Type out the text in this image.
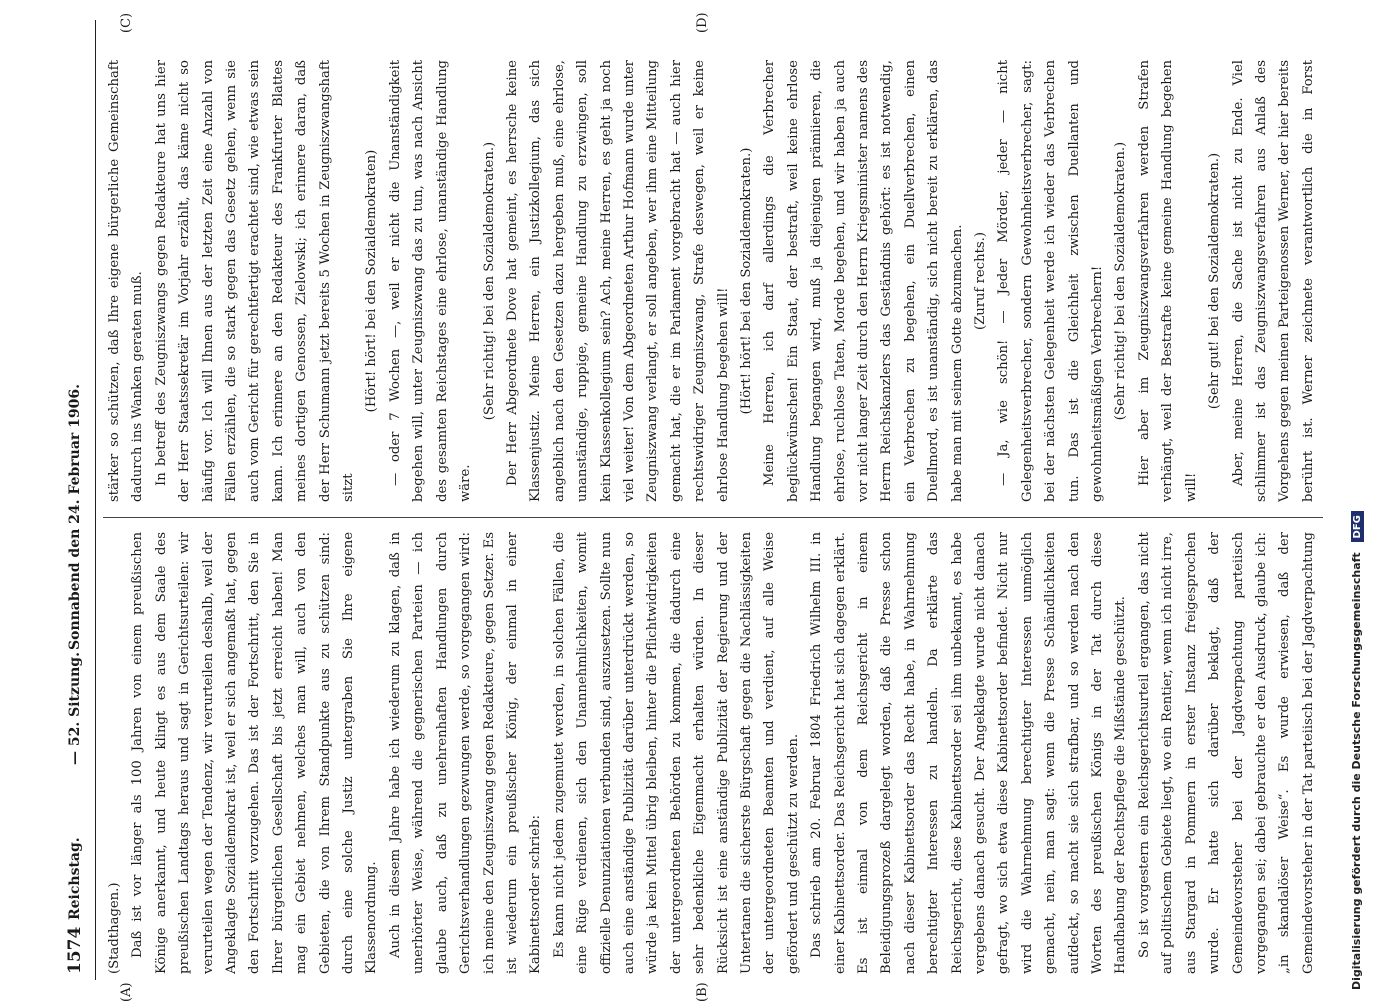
1574
Reichstag.
— 52. Sitzung.
Sonnabend den 24. Februar 1906.
(A)	(B)
(C)	(D)

(Stadthagen.) Daß ist vor länger als 100 Jahren von einem preußischen Könige anerkannt, und heute klingt es aus dem Saale des preußischen Landtags heraus und sagt in Gerichtsurteilen: wir verurteilen wegen der Tendenz, wir verurteilen deshalb, weil der Angeklagte Sozialdemokrat ist, weil er sich angemaßt hat, gegen den Fortschritt vorzugehen. Das ist der Fortschritt, den Sie in Ihrer bürgerlichen Gesellschaft bis jetzt erreicht haben! Man mag ein Gebiet nehmen, welches man will, auch von den Gebieten, die von Ihrem Standpunkte aus zu schützen sind: durch eine solche Justiz untergraben Sie Ihre eigene Klassenordnung. Auch in diesem Jahre habe ich wiederum zu klagen, daß in unerhörter Weise, während die gegnerischen Parteien — ich glaube auch, daß zu unehrenhaften Handlungen durch Gerichtsverhandlungen gezwungen werde, so vorgegangen wird: ich meine den Zeugniszwang gegen Redakteure, gegen Setzer. Es ist wiederum ein preußischer König, der einmal in einer Kabinettsorder schrieb: Es kann nicht jedem zugemutet werden, in solchen Fällen, die eine Rüge verdienen, sich den Unannehmlichkeiten, womit offizielle Denunziationen verbunden sind, auszusetzen. Sollte nun auch eine anständige Publizität darüber unterdrückt werden, so würde ja kein Mittel übrig bleiben, hinter die Pflichtwidrigkeiten der untergeordneten Behörden zu kommen, die dadurch eine sehr bedenkliche Eigenmacht erhalten würden. In dieser Rücksicht ist eine anständige Publizität der Regierung und der Untertanen die sicherste Bürgschaft gegen die Nachlässigkeiten der untergeordneten Beamten und verdient, auf alle Weise gefördert und geschützt zu werden. Das schrieb am 20. Februar 1804 Friedrich Wilhelm III. in einer Kabinettsorder. Das Reichsgericht hat sich dagegen erklärt. Es ist einmal von dem Reichsgericht in einem Beleidigungsprozeß dargelegt worden, daß die Presse schon nach dieser Kabinettsorder das Recht habe, in Wahrnehmung berechtigter Interessen zu handeln. Da erklärte das Reichsgericht, diese Kabinettsorder sei ihm unbekannt, es habe vergebens danach gesucht. Der Angeklagte wurde nicht danach gefragt, wo sich etwa diese Kabinettsorder befindet. Nicht nur wird die Wahrnehmung berechtigter Interessen unmöglich gemacht, nein, man sagt: wenn die Presse Schändlichkeiten aufdeckt, so macht sie sich strafbar, und so werden nach den Worten des preußischen Königs in der Tat durch diese Handhabung der Rechtspflege die Mißstände geschützt. So ist vorgestern ein Reichsgerichtsurteil ergangen, das nicht auf politischem Gebiete liegt, wo ein Rentier, wenn ich nicht irre, aus Stargard in Pommern in erster Instanz freigesprochen wurde. Er hatte sich darüber beklagt, daß der Gemeindevorsteher bei der Jagdverpachtung parteiisch vorgegangen sei; dabei gebrauchte er den Ausdruck, glaube ich: „in skandalöser Weise“. Es wurde erwiesen, daß der Gemeindevorsteher in der Tat parteiisch bei der Jagdverpachtung

stärker so schützen, daß Ihre eigene bürgerliche Gemeinschaft dadurch ins Wanken geraten muß. In betreff des Zeugniszwangs gegen Redakteure hat uns hier der Herr Staatssekretär im Vorjahr erzählt, das käme nicht so häufig vor. Ich will Ihnen aus der letzten Zeit eine Anzahl von Fällen erzählen, die so stark gegen das Gesetz gehen, wenn sie auch vom Gericht für gerechtfertigt erachtet sind, wie etwas sein kann. Ich erinnere an den Redakteur des Frankfurter Blattes meines dortigen Genossen, Zielowski; ich erinnere daran, daß der Herr Schumann jetzt bereits 5 Wochen in Zeugniszwangshaft sitzt

(Hört! hört! bei den Sozialdemokraten) — oder 7 Wochen —, weil er nicht die Unanständigkeit begehen will, unter Zeugniszwang das zu tun, was nach Ansicht des gesamten Reichstages eine ehrlose, unanständige Handlung wäre.

(Sehr richtig! bei den Sozialdemokraten.) Der Herr Abgeordnete Dove hat gemeint, es herrsche keine Klassenjustiz. Meine Herren, ein Justizkollegium, das sich angeblich nach den Gesetzen dazu hergeben muß, eine ehrlose, unanständige, ruppige, gemeine Handlung zu erzwingen, soll kein Klassenkollegium sein? Ach, meine Herren, es geht ja noch viel weiter! Von dem Abgeordneten Arthur Hofmann wurde unter Zeugniszwang verlangt, er soll angeben, wer ihm eine Mitteilung gemacht hat, die er im Parlament vorgebracht hat — auch hier rechtswidriger Zeugniszwang, Strafe deswegen, weil er keine ehrlose Handlung begehen will! (Hört! hört! bei den Sozialdemokraten.) Meine Herren, ich darf allerdings die Verbrecher beglückwünschen! Ein Staat, der bestraft, weil keine ehrlose Handlung begangen wird, muß ja diejenigen prämiieren, die ehrlose, ruchlose Taten, Morde begehen, und wir haben ja auch vor nicht langer Zeit durch den Herrn Kriegsminister namens des Herrn Reichskanzlers das Geständnis gehört: es ist notwendig, ein Verbrechen zu begehen, ein Duellverbrechen, einen Duellmord, es ist unanständig, sich nicht bereit zu erklären, das habe man mit seinem Gotte abzumachen. (Zuruf rechts.) — Ja, wie schön! — Jeder Mörder, jeder — nicht Gelegenheitsverbrecher, sondern Gewohnheitsverbrecher, sagt: bei der nächsten Gelegenheit werde ich wieder das Verbrechen tun. Das ist die Gleichheit zwischen Duellanten und gewohnheitsmäßigen Verbrechern! (Sehr richtig! bei den Sozialdemokraten.) Hier aber im Zeugniszwangsverfahren werden Strafen verhängt, weil der Bestrafte keine gemeine Handlung begehen will!

(Sehr gut! bei den Sozialdemokraten.)

Aber, meine Herren, die Sache ist nicht zu Ende. Viel schlimmer ist das Zeugniszwangsverfahren aus Anlaß des Vorgehens gegen meinen Parteigenossen Werner, der hier bereits berührt ist. Werner zeichnete verantwortlich die in Forst

Digitalisierung gefördert durch die Deutsche Forschungsgemeinschaft DFG
